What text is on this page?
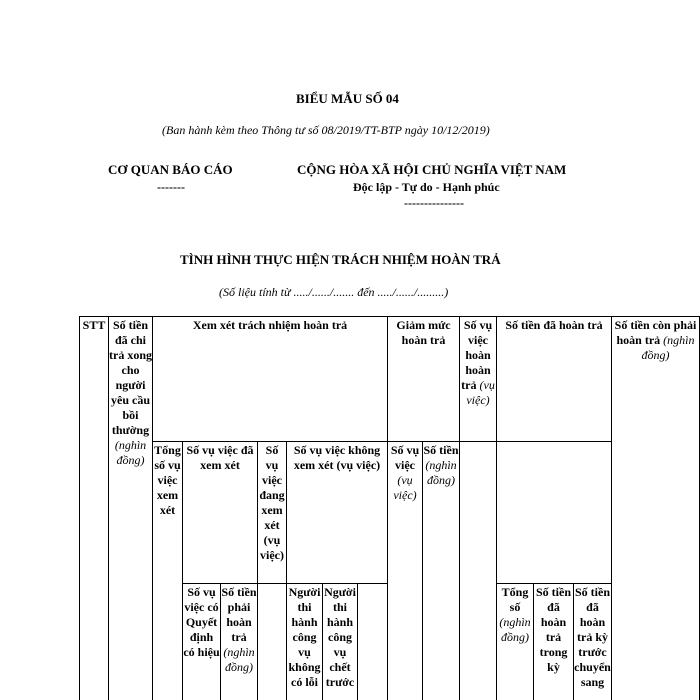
BIỂU MẪU SỐ 04
(Ban hành kèm theo Thông tư số 08/2019/TT-BTP ngày 10/12/2019)
CƠ QUAN BÁO CÁO
-------
CỘNG HÒA XÃ HỘI CHỦ NGHĨA VIỆT NAM
Độc lập - Tự do - Hạnh phúc
---------------
TÌNH HÌNH THỰC HIỆN TRÁCH NHIỆM HOÀN TRẢ
(Số liệu tính từ ...../....../....... đến ...../....../.........)
STT	Số tiền đã chi trả xong cho người yêu cầu bồi thường (nghìn đồng)	Xem xét trách nhiệm hoàn trả							Giảm mức hoàn trả		Số vụ việc hoàn hoàn trả (vụ việc)	Số tiền đã hoàn trả			Số tiền còn phải hoàn trả (nghìn đồng)
		Tổng số vụ việc xem xét	Số vụ việc đã xem xét		Số vụ việc đang xem xét (vụ việc)	Số vụ việc không xem xét (vụ việc)			Số vụ việc (vụ việc)	Số tiền (nghìn đồng)					
			Số vụ việc có Quyết định có hiệu	Số tiền phải hoàn trả (nghìn đồng)		Người thi hành công vụ không có lỗi	Người thi hành công vụ chết trước					Tổng số (nghìn đồng)	Số tiền đã hoàn trả trong kỳ	Số tiền đã hoàn trả kỳ trước chuyển sang	
